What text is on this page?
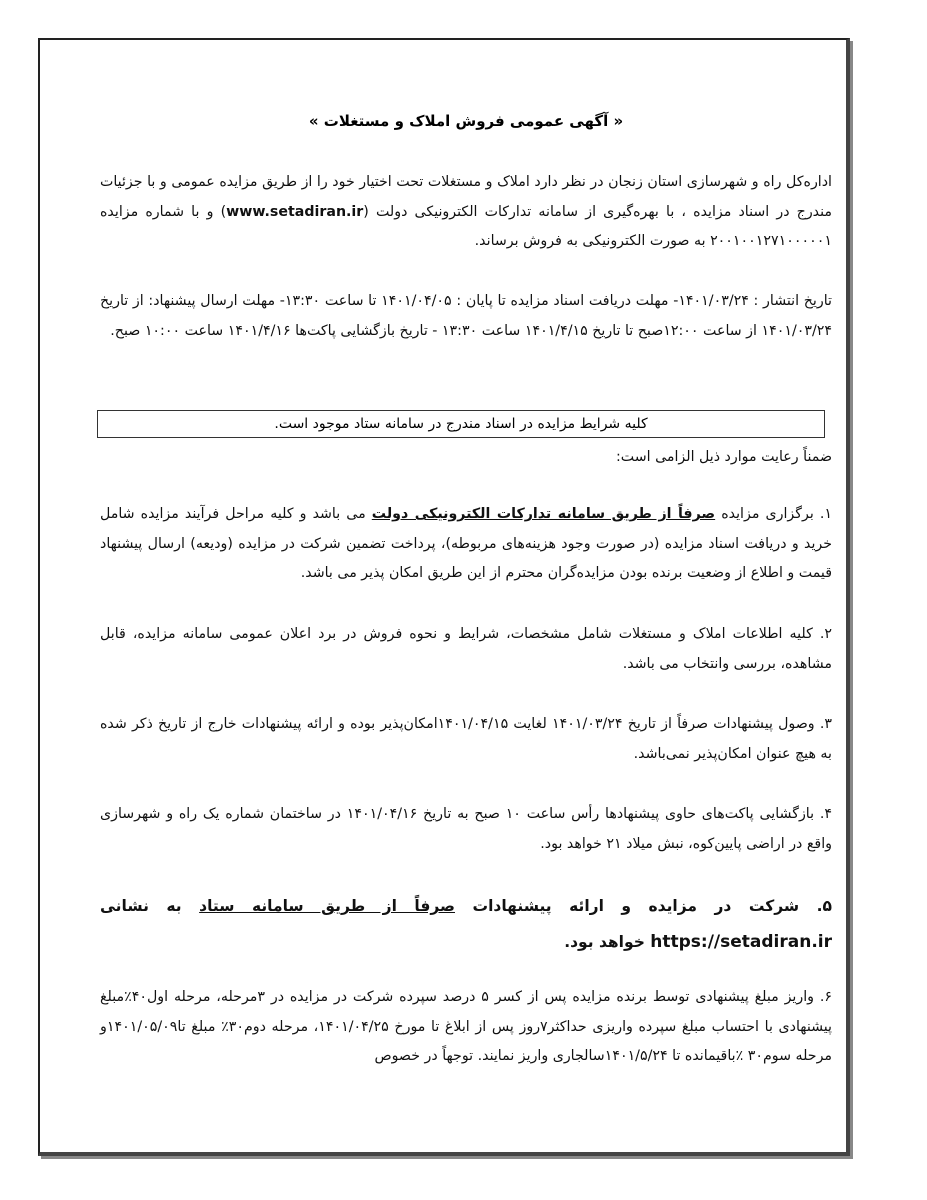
« آگهی عمومی فروش املاک و مستغلات »

اداره‌کل راه و شهرسازی استان زنجان در نظر دارد املاک و مستغلات تحت اختیار خود را از طریق مزایده عمومی و با جزئیات مندرج در اسناد مزایده ، با بهره‌گیری از سامانه تدارکات الکترونیکی دولت (www.setadiran.ir) و با شماره مزایده ۲۰۰۱۰۰۱۲۷۱۰۰۰۰۰۱ به صورت الکترونیکی به فروش برساند.

تاریخ انتشار : ۱۴۰۱/۰۳/۲۴- مهلت دریافت اسناد مزایده تا پایان : ۱۴۰۱/۰۴/۰۵ تا ساعت ۱۳:۳۰- مهلت ارسال پیشنهاد: از تاریخ ۱۴۰۱/۰۳/۲۴ از ساعت ۱۲:۰۰صبح تا تاریخ ۱۴۰۱/۴/۱۵ ساعت ۱۳:۳۰ - تاریخ بازگشایی پاکت‌ها ۱۴۰۱/۴/۱۶ ساعت ۱۰:۰۰ صبح.

کلیه شرایط مزایده در اسناد مندرج در سامانه ستاد موجود است.

ضمناً رعایت موارد ذیل الزامی است:

۱. برگزاری مزایده صرفاً از طریق سامانه تدارکات الکترونیکی دولت می باشد و کلیه مراحل فرآیند مزایده شامل خرید و دریافت اسناد مزایده (در صورت وجود هزینه‌های مربوطه)، پرداخت تضمین شرکت در مزایده (ودیعه) ارسال پیشنهاد قیمت و اطلاع از وضعیت برنده بودن مزایده‌گران محترم از این طریق امکان پذیر می باشد.

۲. کلیه اطلاعات املاک و مستغلات شامل مشخصات، شرایط و نحوه فروش در برد اعلان عمومی سامانه مزایده، قابل مشاهده، بررسی وانتخاب می باشد.

۳. وصول پیشنهادات صرفاً از تاریخ ۱۴۰۱/۰۳/۲۴ لغایت ۱۴۰۱/۰۴/۱۵امکان‌پذیر بوده و ارائه پیشنهادات خارج از تاریخ ذکر شده به هیچ عنوان امکان‌پذیر نمی‌باشد.

۴. بازگشایی پاکت‌های حاوی پیشنهادها رأس ساعت ۱۰ صبح به تاریخ ۱۴۰۱/۰۴/۱۶ در ساختمان شماره یک راه و شهرسازی واقع در اراضی پایین‌کوه، نبش میلاد ۲۱ خواهد بود.

۵. شرکت در مزایده و ارائه پیشنهادات صرفاً از طریق سامانه ستاد به نشانی https://setadiran.ir خواهد بود.

۶. واریز مبلغ پیشنهادی توسط برنده مزایده پس از کسر ۵ درصد سپرده شرکت در مزایده در ۳مرحله، مرحله اول۴۰٪مبلغ پیشنهادی با احتساب مبلغ سپرده واریزی حداکثر۷روز پس از ابلاغ تا مورخ ۱۴۰۱/۰۴/۲۵، مرحله دوم۳۰٪ مبلغ تا۱۴۰۱/۰۵/۰۹و مرحله سوم۳۰ ٪باقیمانده تا ۱۴۰۱/۵/۲۴سالجاری واریز نمایند. توجهاً در خصوص
